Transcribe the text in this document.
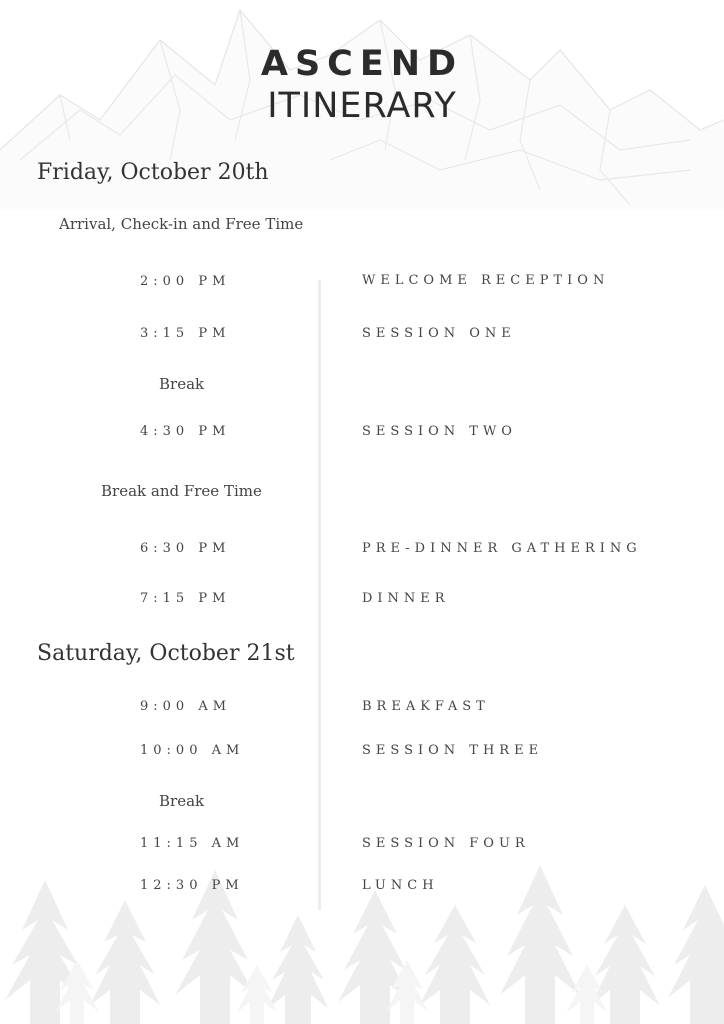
ASCEND
ITINERARY
Friday, October 20th
Arrival, Check-in and Free Time
2:00 PM	WELCOME RECEPTION
3:15 PM	SESSION ONE
Break
4:30 PM	SESSION TWO
Break and Free Time
6:30 PM	PRE-DINNER GATHERING
7:15 PM	DINNER
Saturday, October 21st
9:00 AM	BREAKFAST
10:00 AM	SESSION THREE
Break
11:15 AM	SESSION FOUR
12:30 PM	LUNCH
